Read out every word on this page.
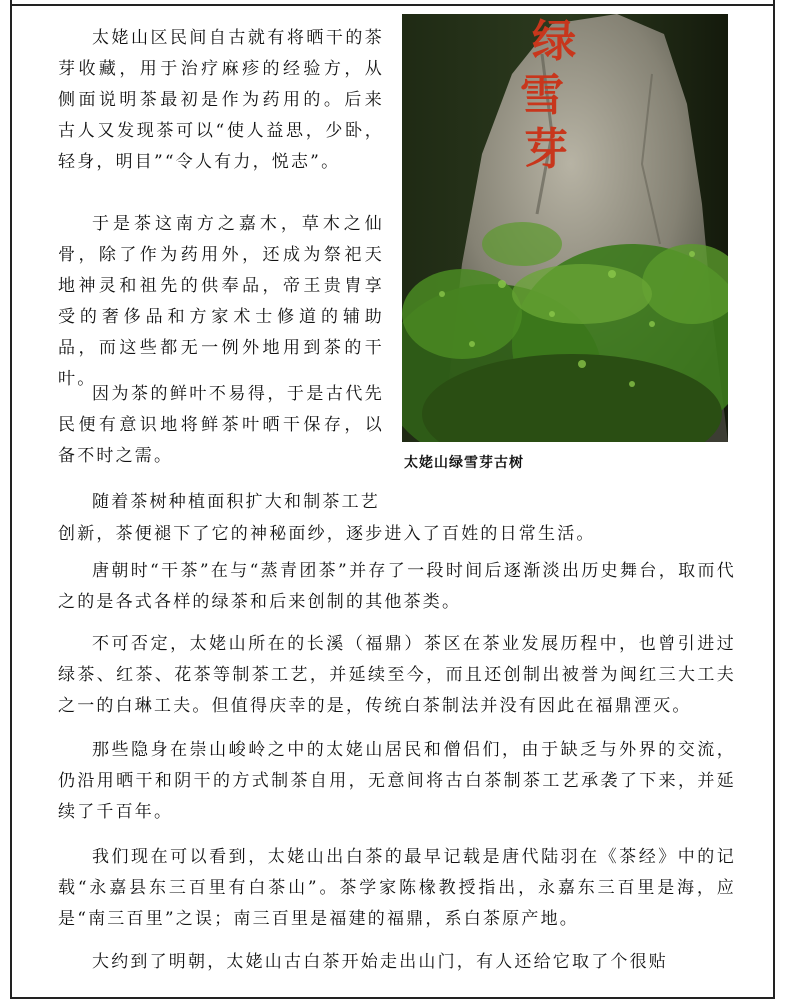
绿
雪
芽
太姥山绿雪芽古树

太姥山区民间自古就有将晒干的茶芽收藏，用于治疗麻疹的经验方，从侧面说明茶最初是作为药用的。后来古人又发现茶可以“使人益思，少卧，轻身，明目”“令人有力，悦志”。

于是茶这南方之嘉木，草木之仙骨，除了作为药用外，还成为祭祀天地神灵和祖先的供奉品，帝王贵胄享受的奢侈品和方家术士修道的辅助品，而这些都无一例外地用到茶的干叶。

因为茶的鲜叶不易得，于是古代先民便有意识地将鲜茶叶晒干保存，以备不时之需。

随着茶树种植面积扩大和制茶工艺

创新，茶便褪下了它的神秘面纱，逐步进入了百姓的日常生活。

唐朝时“干茶”在与“蒸青团茶”并存了一段时间后逐渐淡出历史舞台，取而代之的是各式各样的绿茶和后来创制的其他茶类。

不可否定，太姥山所在的长溪（福鼎）茶区在茶业发展历程中，也曾引进过绿茶、红茶、花茶等制茶工艺，并延续至今，而且还创制出被誉为闽红三大工夫之一的白琳工夫。但值得庆幸的是，传统白茶制法并没有因此在福鼎湮灭。

那些隐身在崇山峻岭之中的太姥山居民和僧侣们，由于缺乏与外界的交流，仍沿用晒干和阴干的方式制茶自用，无意间将古白茶制茶工艺承袭了下来，并延续了千百年。

我们现在可以看到，太姥山出白茶的最早记载是唐代陆羽在《茶经》中的记载“永嘉县东三百里有白茶山”。茶学家陈椽教授指出，永嘉东三百里是海，应是“南三百里”之误；南三百里是福建的福鼎，系白茶原产地。

大约到了明朝，太姥山古白茶开始走出山门，有人还给它取了个很贴
